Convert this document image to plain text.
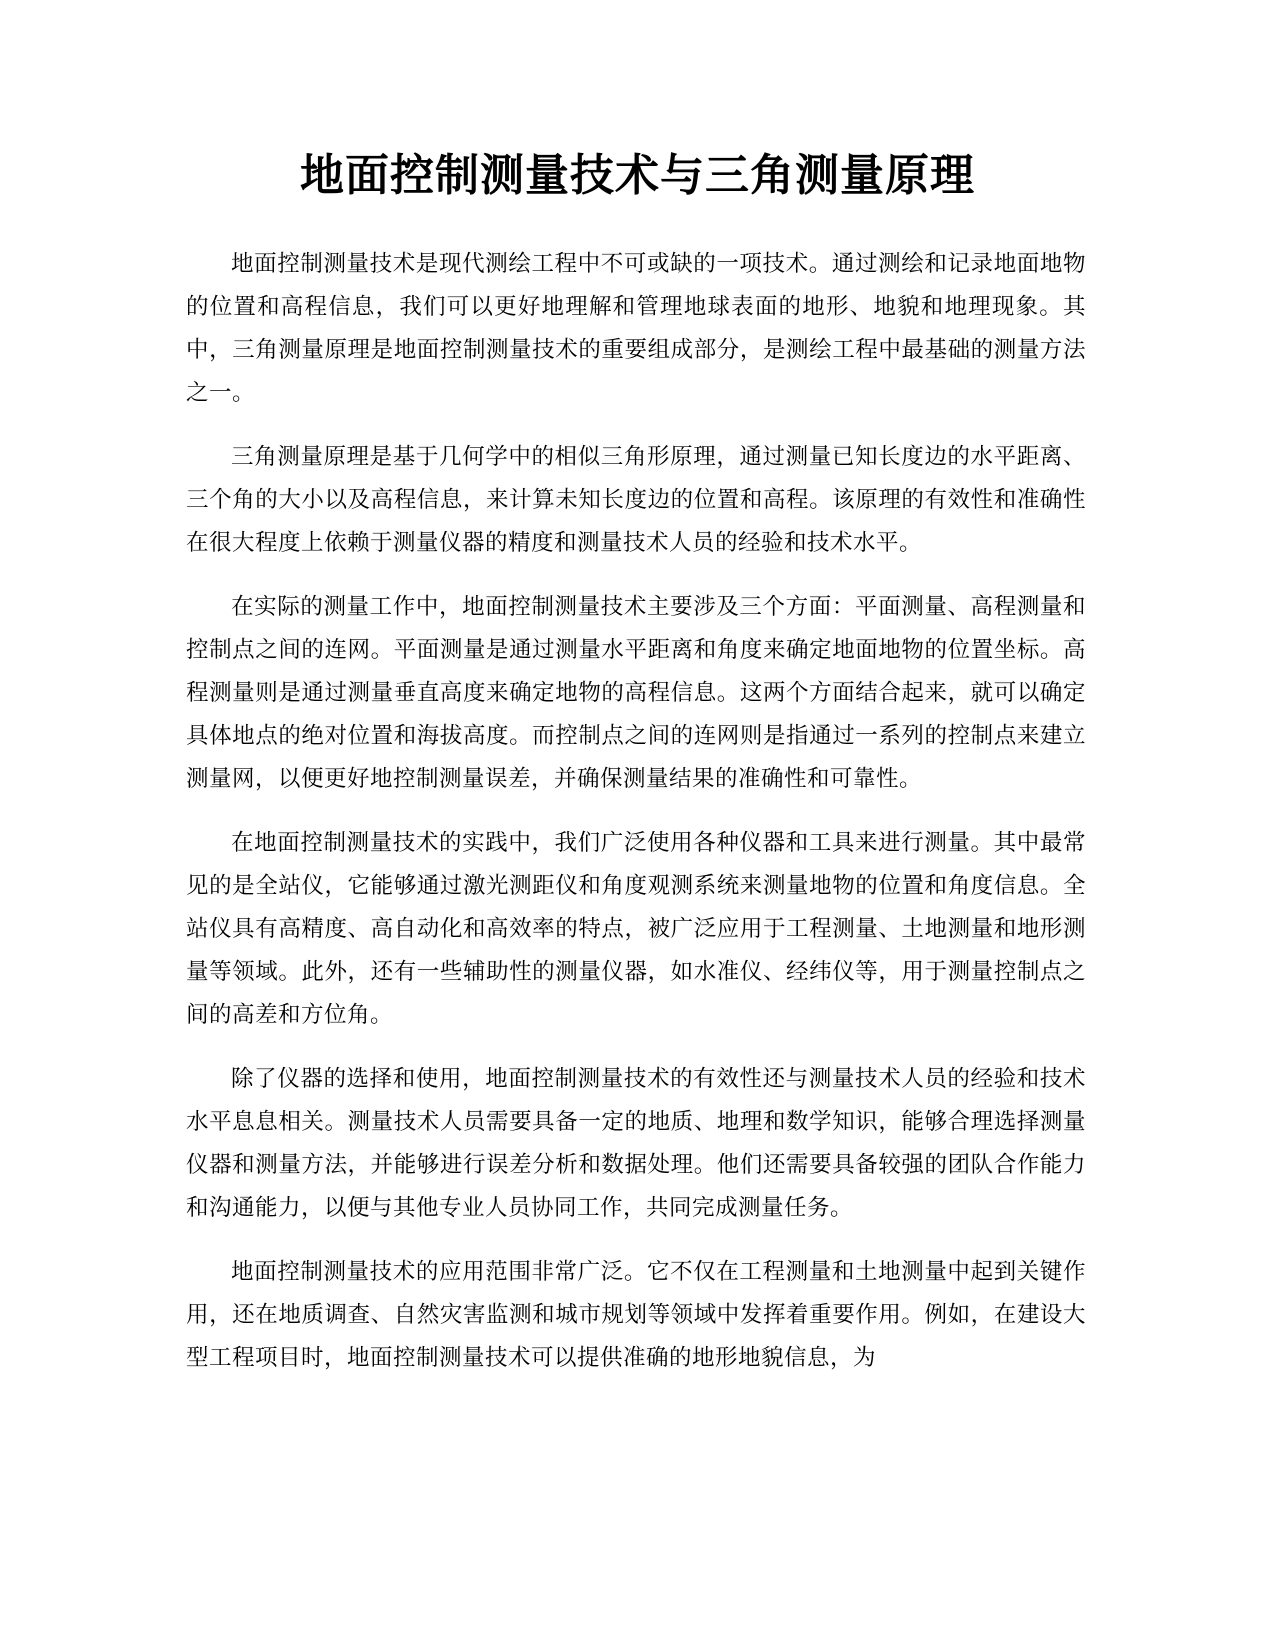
地面控制测量技术与三角测量原理

地面控制测量技术是现代测绘工程中不可或缺的一项技术。通过测绘和记录地面地物的位置和高程信息，我们可以更好地理解和管理地球表面的地形、地貌和地理现象。其中，三角测量原理是地面控制测量技术的重要组成部分，是测绘工程中最基础的测量方法之一。

三角测量原理是基于几何学中的相似三角形原理，通过测量已知长度边的水平距离、三个角的大小以及高程信息，来计算未知长度边的位置和高程。该原理的有效性和准确性在很大程度上依赖于测量仪器的精度和测量技术人员的经验和技术水平。

在实际的测量工作中，地面控制测量技术主要涉及三个方面：平面测量、高程测量和控制点之间的连网。平面测量是通过测量水平距离和角度来确定地面地物的位置坐标。高程测量则是通过测量垂直高度来确定地物的高程信息。这两个方面结合起来，就可以确定具体地点的绝对位置和海拔高度。而控制点之间的连网则是指通过一系列的控制点来建立测量网，以便更好地控制测量误差，并确保测量结果的准确性和可靠性。

在地面控制测量技术的实践中，我们广泛使用各种仪器和工具来进行测量。其中最常见的是全站仪，它能够通过激光测距仪和角度观测系统来测量地物的位置和角度信息。全站仪具有高精度、高自动化和高效率的特点，被广泛应用于工程测量、土地测量和地形测量等领域。此外，还有一些辅助性的测量仪器，如水准仪、经纬仪等，用于测量控制点之间的高差和方位角。

除了仪器的选择和使用，地面控制测量技术的有效性还与测量技术人员的经验和技术水平息息相关。测量技术人员需要具备一定的地质、地理和数学知识，能够合理选择测量仪器和测量方法，并能够进行误差分析和数据处理。他们还需要具备较强的团队合作能力和沟通能力，以便与其他专业人员协同工作，共同完成测量任务。

地面控制测量技术的应用范围非常广泛。它不仅在工程测量和土地测量中起到关键作用，还在地质调查、自然灾害监测和城市规划等领域中发挥着重要作用。例如，在建设大型工程项目时，地面控制测量技术可以提供准确的地形地貌信息，为
